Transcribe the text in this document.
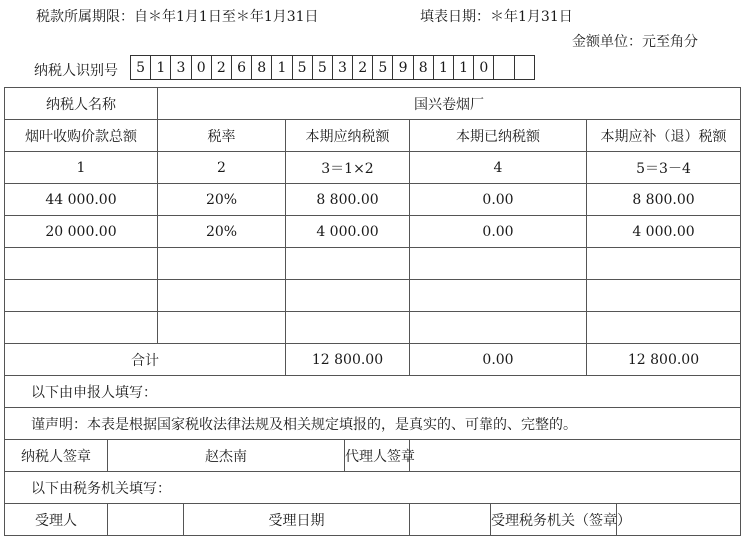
税款所属期限：自＊年1月1日至＊年1月31日	填表日期：＊年1月31日
金额单位：元至角分
纳税人识别号	5 1 3 0 2 6 8 1 5 5 3 2 5 9 8 1 1 0
纳税人名称		国兴卷烟厂							
烟叶收购价款总额		税率		本期应纳税额		本期已纳税额		本期应补（退）税额	
1		2		3＝1×2		4		5＝3－4	
44 000.00		20%		8 800.00		0.00		8 800.00	
20 000.00		20%		4 000.00		0.00		4 000.00	

合计				12 800.00		0.00		12 800.00	
以下由申报人填写：									
谨声明：本表是根据国家税收法律法规及相关规定填报的，是真实的、可靠的、完整的。									
纳税人签章	赵杰南				代理人签章				
以下由税务机关填写：									
受理人			受理日期				受理税务机关（签章）		
